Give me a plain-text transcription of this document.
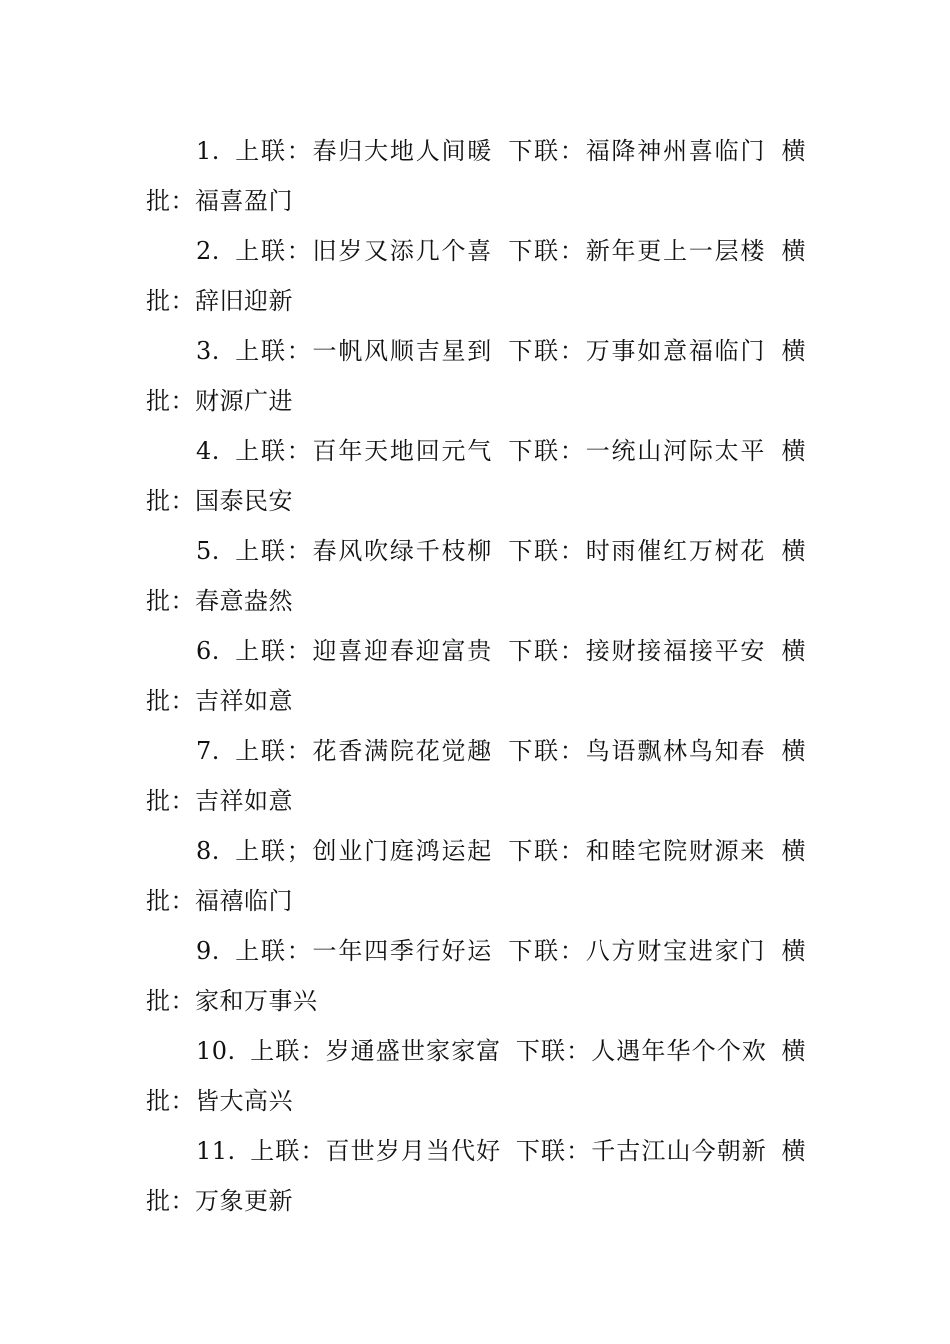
1. 上联：春归大地人间暖 下联：福降神州喜临门 横批：福喜盈门

2. 上联：旧岁又添几个喜 下联：新年更上一层楼 横批：辞旧迎新

3. 上联：一帆风顺吉星到 下联：万事如意福临门 横批：财源广进

4. 上联：百年天地回元气 下联：一统山河际太平 横批：国泰民安

5. 上联：春风吹绿千枝柳 下联：时雨催红万树花 横批：春意盎然

6. 上联：迎喜迎春迎富贵 下联：接财接福接平安 横批：吉祥如意

7. 上联：花香满院花觉趣 下联：鸟语飘林鸟知春 横批：吉祥如意

8. 上联；创业门庭鸿运起 下联：和睦宅院财源来 横批：福禧临门

9. 上联：一年四季行好运 下联：八方财宝进家门 横批：家和万事兴

10. 上联：岁通盛世家家富 下联：人遇年华个个欢 横批：皆大高兴

11. 上联：百世岁月当代好 下联：千古江山今朝新 横批：万象更新
